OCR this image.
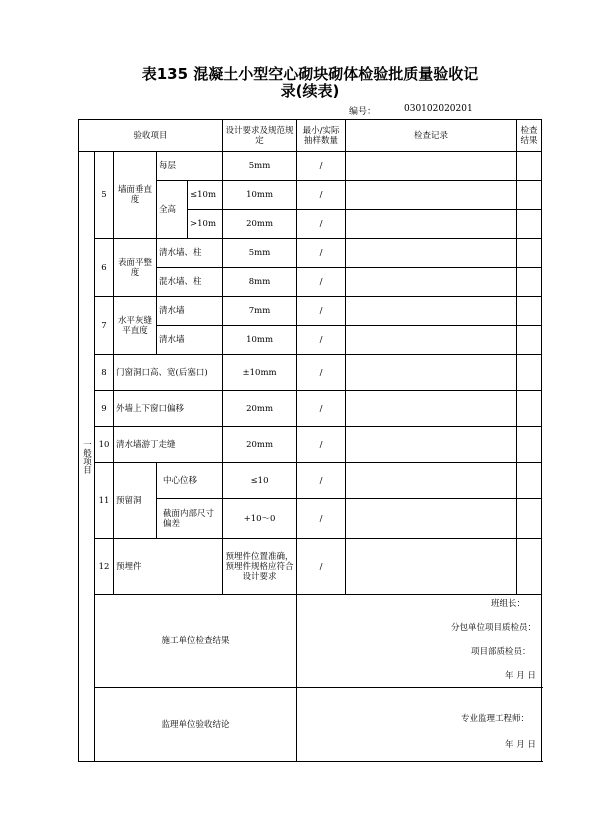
表135 混凝土小型空心砌块砌体检验批质量验收记
录(续表)
编号：	030102020201
验收项目					设计要求及规范规定	最小/实际抽样数量	检查记录	检查结果
一般项目	5	墙面垂直度	每层		5mm	/		
			全高	≤10m	10mm	/		
				>10m	20mm	/		
	6	表面平整度	清水墙、柱		5mm	/		
			混水墙、柱		8mm	/		
	7	水平灰缝平直度	清水墙		7mm	/		
			清水墙		10mm	/		
	8	门窗洞口高、宽(后塞口)			±10mm	/		
	9	外墙上下窗口偏移			20mm	/		
	10	清水墙游丁走缝			20mm	/		
	11	预留洞	中心位移		≤10	/		
			截面内部尺寸偏差		+10～0	/		
	12	预埋件			预埋件位置准确，预埋件规格应符合设计要求	/		
	施工单位检查结果					班组长：
分包单位项目质检员：
项目部质检员：
年 月 日		

	监理单位验收结论					专业监理工程师：
年 月 日		
